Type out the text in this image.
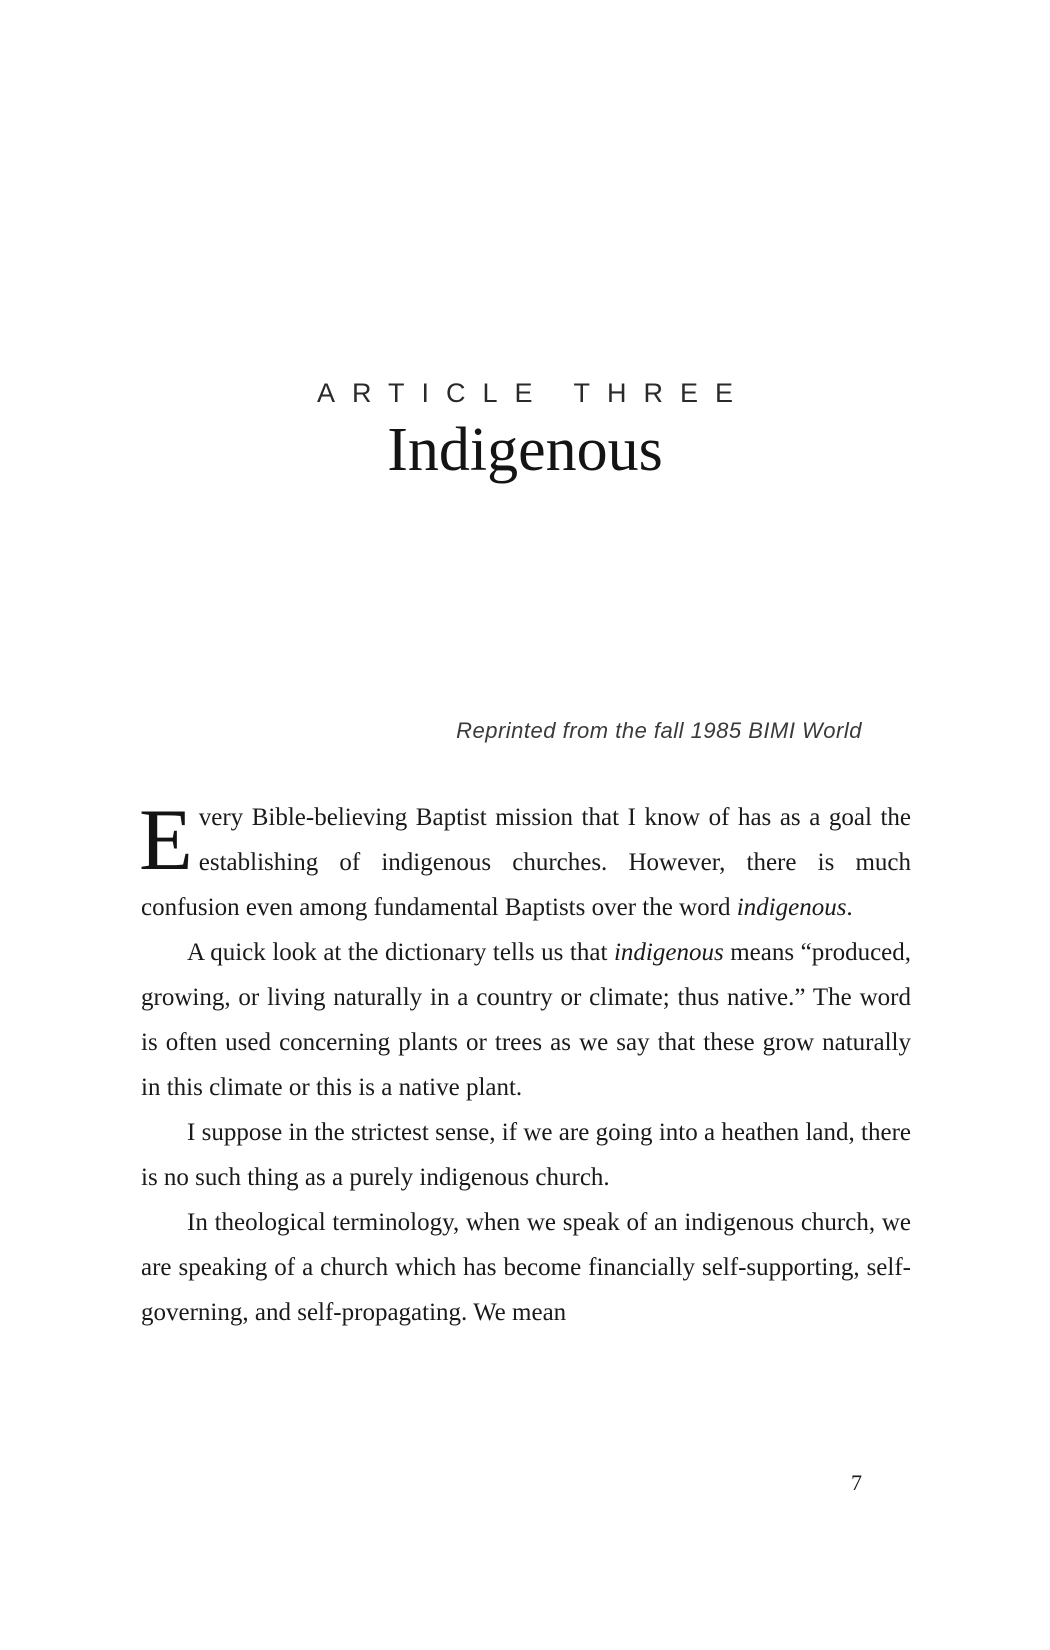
ARTICLE THREE
Indigenous
Reprinted from the fall 1985 BIMI World

Every Bible-believing Baptist mission that I know of has as a goal the establishing of indigenous churches. However, there is much confusion even among fundamental Baptists over the word indigenous.

A quick look at the dictionary tells us that indigenous means “produced, growing, or living naturally in a country or climate; thus native.” The word is often used concerning plants or trees as we say that these grow naturally in this climate or this is a native plant.

I suppose in the strictest sense, if we are going into a heathen land, there is no such thing as a purely indigenous church.

In theological terminology, when we speak of an indigenous church, we are speaking of a church which has become financially self-supporting, self-governing, and self-propagating. We mean

7
